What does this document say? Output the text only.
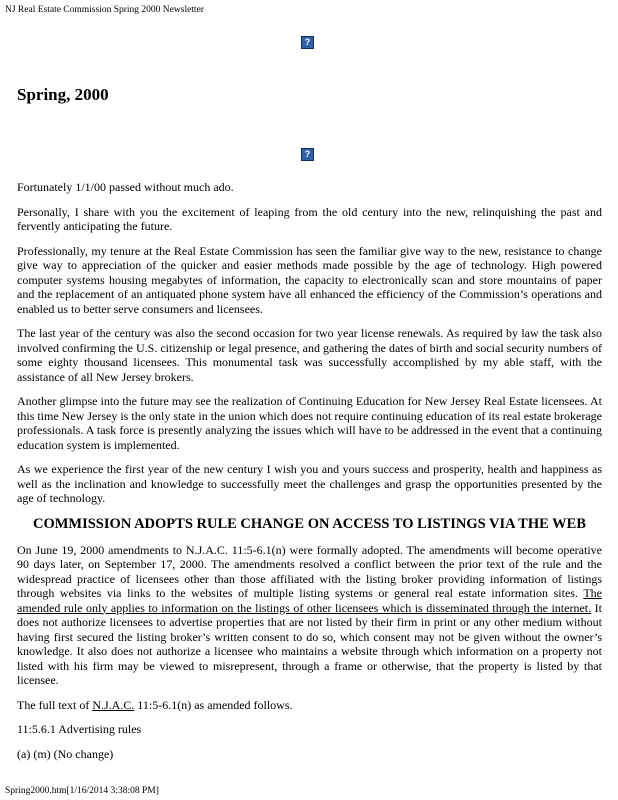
NJ Real Estate Commission Spring 2000 Newsletter
?
Spring, 2000
?

Fortunately 1/1/00 passed without much ado.

Personally, I share with you the excitement of leaping from the old century into the new, relinquishing the past and fervently anticipating the future.

Professionally, my tenure at the Real Estate Commission has seen the familiar give way to the new, resistance to change give way to appreciation of the quicker and easier methods made possible by the age of technology. High powered computer systems housing megabytes of information, the capacity to electronically scan and store mountains of paper and the replacement of an antiquated phone system have all enhanced the efficiency of the Commission’s operations and enabled us to better serve consumers and licensees.

The last year of the century was also the second occasion for two year license renewals. As required by law the task also involved confirming the U.S. citizenship or legal presence, and gathering the dates of birth and social security numbers of some eighty thousand licensees. This monumental task was successfully accomplished by my able staff, with the assistance of all New Jersey brokers.

Another glimpse into the future may see the realization of Continuing Education for New Jersey Real Estate licensees. At this time New Jersey is the only state in the union which does not require continuing education of its real estate brokerage professionals. A task force is presently analyzing the issues which will have to be addressed in the event that a continuing education system is implemented.

As we experience the first year of the new century I wish you and yours success and prosperity, health and happiness as well as the inclination and knowledge to successfully meet the challenges and grasp the opportunities presented by the age of technology.

COMMISSION ADOPTS RULE CHANGE ON ACCESS TO LISTINGS VIA THE WEB

On June 19, 2000 amendments to N.J.A.C. 11:5-6.1(n) were formally adopted. The amendments will become operative 90 days later, on September 17, 2000. The amendments resolved a conflict between the prior text of the rule and the widespread practice of licensees other than those affiliated with the listing broker providing information of listings through websites via links to the websites of multiple listing systems or general real estate information sites. The amended rule only applies to information on the listings of other licensees which is disseminated through the internet. It does not authorize licensees to advertise properties that are not listed by their firm in print or any other medium without having first secured the listing broker’s written consent to do so, which consent may not be given without the owner’s knowledge. It also does not authorize a licensee who maintains a website through which information on a property not listed with his firm may be viewed to misrepresent, through a frame or otherwise, that the property is listed by that licensee.

The full text of N.J.A.C. 11:5-6.1(n) as amended follows.

11:5.6.1 Advertising rules

(a) (m) (No change)

Spring2000.htm[1/16/2014 3:38:08 PM]
